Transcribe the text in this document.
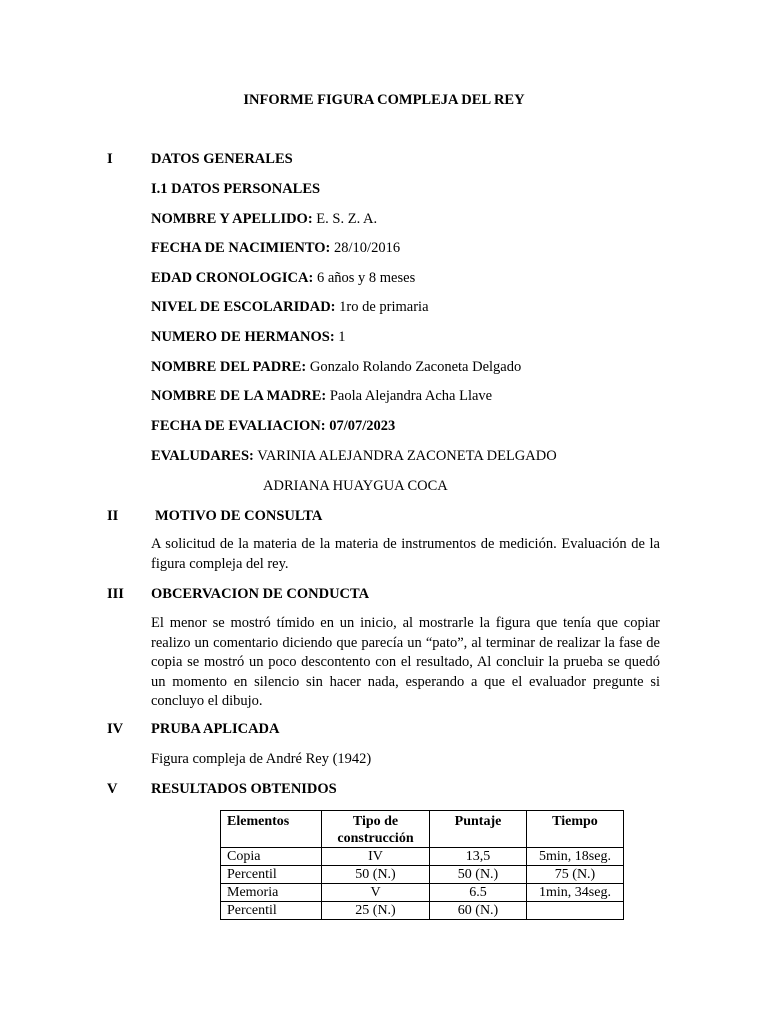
INFORME FIGURA COMPLEJA DEL REY
I	DATOS GENERALES
I.1 DATOS PERSONALES
NOMBRE Y APELLIDO: E. S. Z. A.
FECHA DE NACIMIENTO: 28/10/2016
EDAD CRONOLOGICA: 6 años y 8 meses
NIVEL DE ESCOLARIDAD: 1ro de primaria
NUMERO DE HERMANOS: 1
NOMBRE DEL PADRE: Gonzalo Rolando Zaconeta Delgado
NOMBRE DE LA MADRE: Paola Alejandra Acha Llave
FECHA DE EVALIACION: 07/07/2023
EVALUDARES: VARINIA ALEJANDRA ZACONETA DELGADO
ADRIANA HUAYGUA COCA
II	MOTIVO DE CONSULTA

A solicitud de la materia de la materia de instrumentos de medición. Evaluación de la figura compleja del rey.

III OBCERVACION DE CONDUCTA

El menor se mostró tímido en un inicio, al mostrarle la figura que tenía que copiar realizo un comentario diciendo que parecía un “pato”, al terminar de realizar la fase de copia se mostró un poco descontento con el resultado, Al concluir la prueba se quedó un momento en silencio sin hacer nada, esperando a que el evaluador pregunte si concluyo el dibujo.

IV PRUBA APLICADA
Figura compleja de André Rey (1942)
V RESULTADOS OBTENIDOS
Elementos	Tipo de construcción	Puntaje	Tiempo
Copia	IV	13,5	5min, 18seg.
Percentil	50 (N.)	50 (N.)	75 (N.)
Memoria	V	6.5	1min, 34seg.
Percentil	25 (N.)	60 (N.)	
